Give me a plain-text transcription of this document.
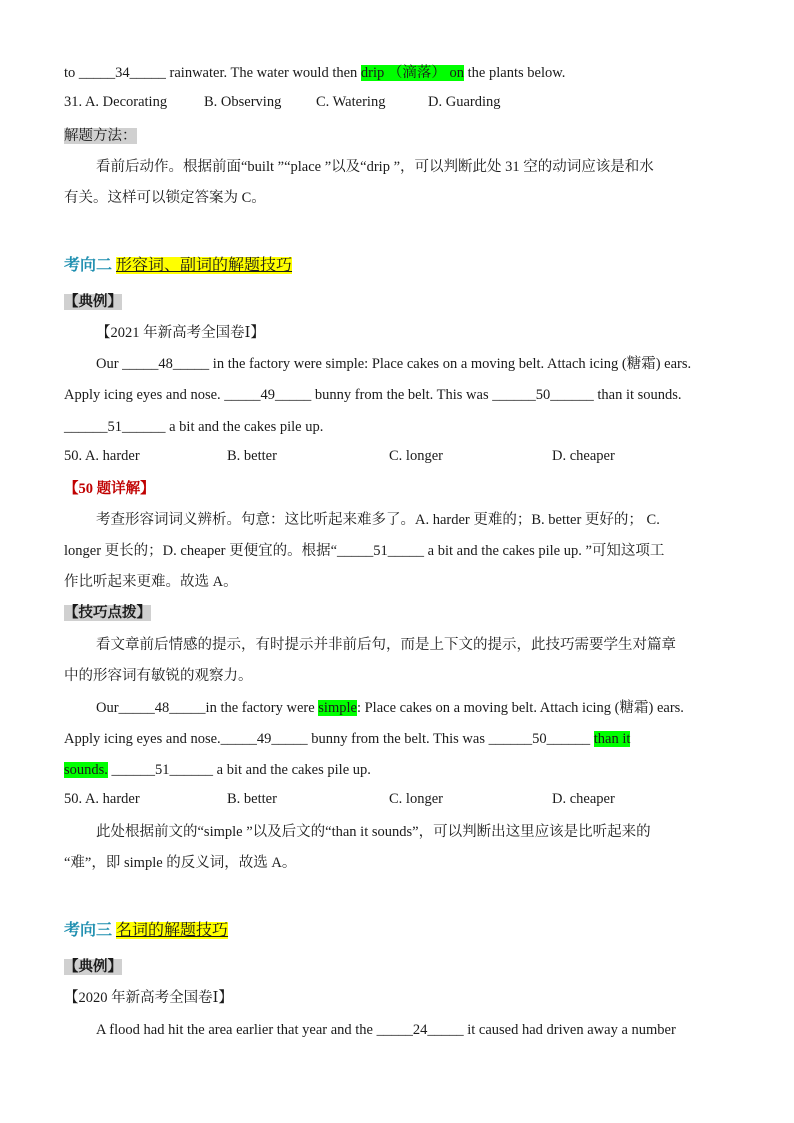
to _____34_____ rainwater. The water would then drip （滴落） on the plants below.
31. A. Decorating	B. Observing C. Watering	D. Guarding
解题方法：
看前后动作。根据前面“built ”“place ”以及“drip ”，可以判断此处 31 空的动词应该是和水
有关。这样可以锁定答案为 C。
考向二 形容词、副词的解题技巧
【典例】
【2021 年新高考全国卷Ⅰ】
Our _____48_____ in the factory were simple: Place cakes on a moving belt. Attach icing (糖霜) ears.
Apply icing eyes and nose. _____49_____ bunny from the belt. This was ______50______ than it sounds.
______51______ a bit and the cakes pile up.
50. A. harder	B. better	C. longer	D. cheaper
【50 题详解】
考查形容词词义辨析。句意：这比听起来难多了。A. harder 更难的；B. better 更好的； C.
longer 更长的；D. cheaper 更便宜的。根据“_____51_____ a bit and the cakes pile up. ”可知这项工
作比听起来更难。故选 A。
【技巧点拨】
看文章前后情感的提示，有时提示并非前后句，而是上下文的提示，此技巧需要学生对篇章
中的形容词有敏锐的观察力。
Our_____48_____in the factory were simple: Place cakes on a moving belt. Attach icing (糖霜) ears.
Apply icing eyes and nose._____49_____ bunny from the belt. This was ______50______ than it
sounds. ______51______ a bit and the cakes pile up.
50. A. harder	B. better	C. longer	D. cheaper
此处根据前文的“simple ”以及后文的“than it sounds”，可以判断出这里应该是比听起来的
“难”，即 simple 的反义词，故选 A。
考向三 名词的解题技巧
【典例】
【2020 年新高考全国卷Ⅰ】
A flood had hit the area earlier that year and the _____24_____ it caused had driven away a number
